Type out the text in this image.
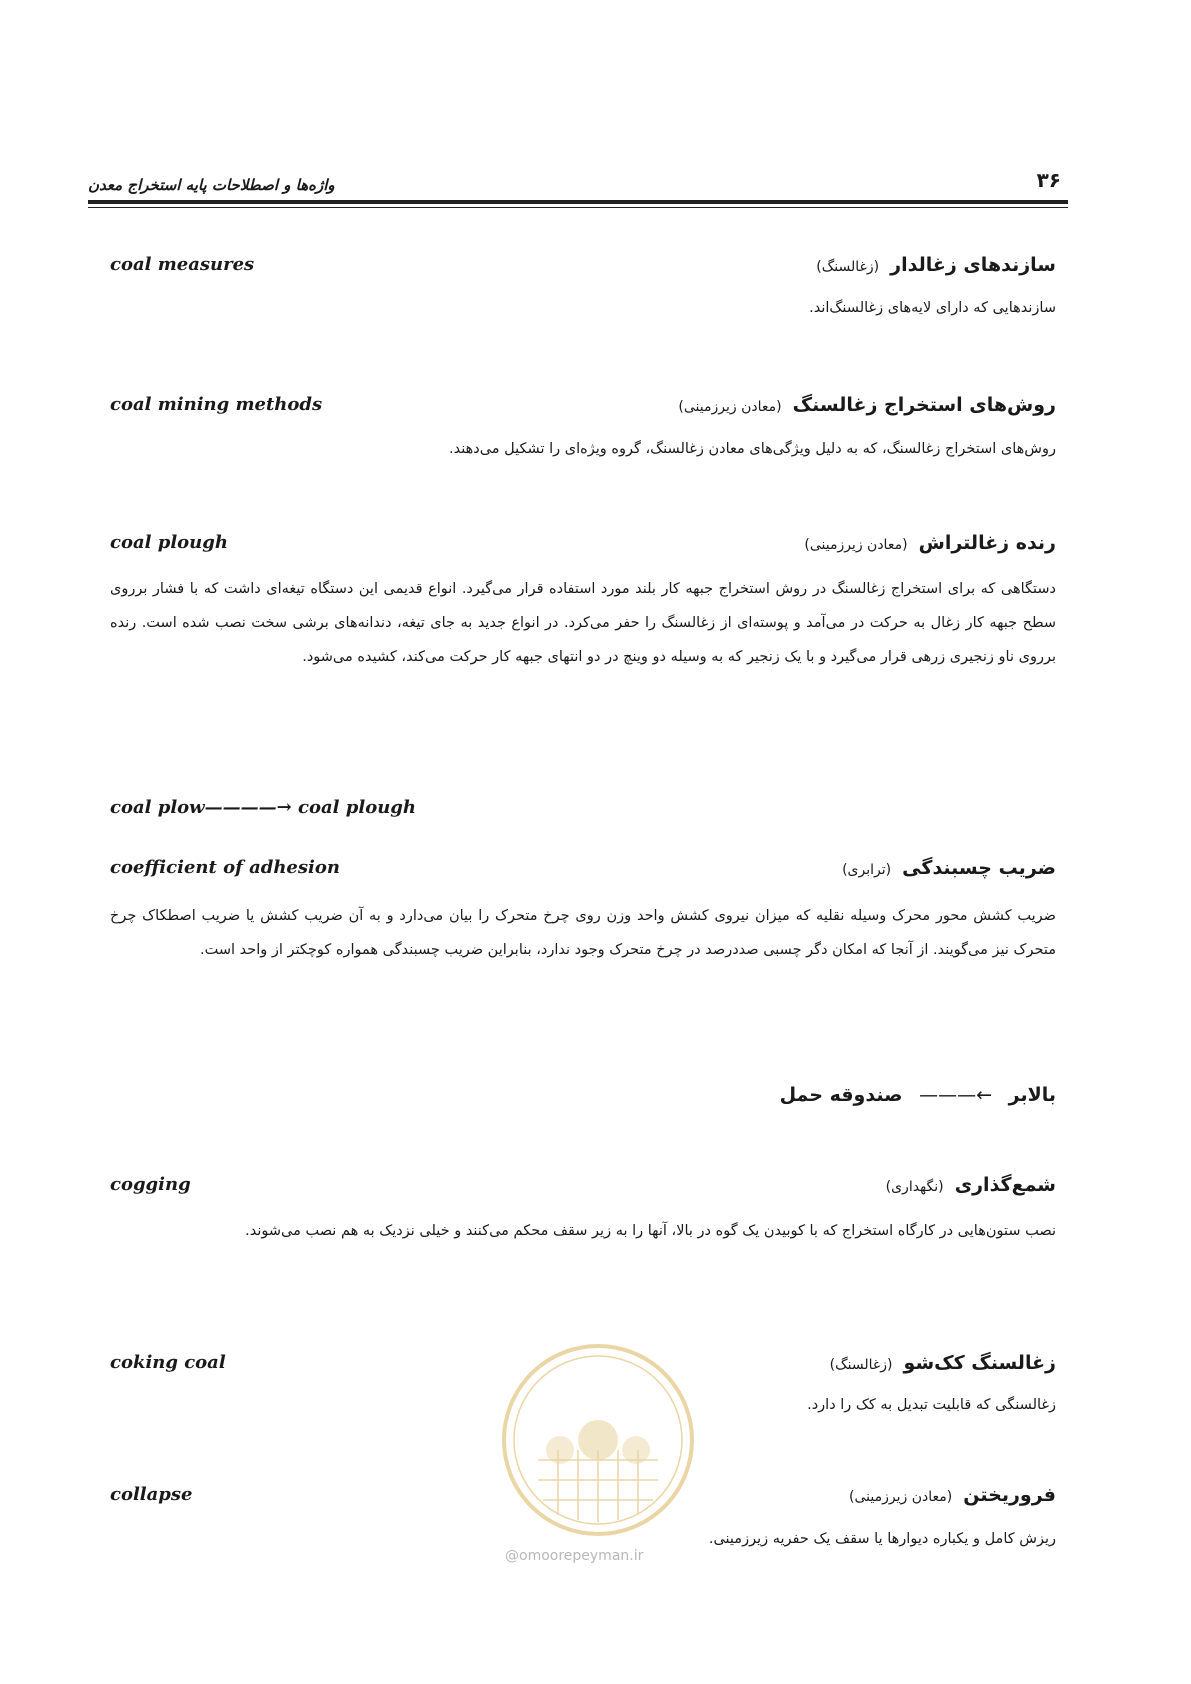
واژه‌ها و اصطلاحات پایه استخراج معدن	۳۶
coal measures	سازندهای زغالدار (زغالسنگ)
سازندهایی که دارای لایه‌های زغالسنگ‌اند.
coal mining methods	روش‌های استخراج زغالسنگ (معادن زیرزمینی)
روش‌های استخراج زغالسنگ، که به دلیل ویژگی‌های معادن زغالسنگ، گروه ویژه‌ای را تشکیل می‌دهند.
coal plough	رنده زغالتراش (معادن زیرزمینی)
دستگاهی که برای استخراج زغالسنگ در روش استخراج جبهه کار بلند مورد استفاده قرار می‌گیرد. انواع قدیمی این دستگاه تیغه‌ای داشت که با فشار برروی سطح جبهه کار زغال به حرکت در می‌آمد و پوسته‌ای از زغالسنگ را حفر می‌کرد. در انواع جدید به جای تیغه، دندانه‌های برشی سخت نصب شده است. رنده برروی ناو زنجیری زرهی قرار می‌گیرد و با یک زنجیر که به وسیله دو وینچ در دو انتهای جبهه کار حرکت می‌کند، کشیده می‌شود.
coal plow————→ coal plough
coefficient of adhesion	ضریب چسبندگی (ترابری)
ضریب کشش محور محرک وسیله نقلیه که میزان نیروی کشش واحد وزن روی چرخ متحرک را بیان می‌دارد و به آن ضریب کشش یا ضریب اصطکاک چرخ متحرک نیز می‌گویند. از آنجا که امکان دگر چسبی صددرصد در چرخ متحرک وجود ندارد، بنابراین ضریب چسبندگی همواره کوچکتر از واحد است.
بالابر ←——— صندوقه حمل
cogging	شمع‌گذاری (نگهداری)
نصب ستون‌هایی در کارگاه استخراج که با کوبیدن یک گوه در بالا، آنها را به زیر سقف محکم می‌کنند و خیلی نزدیک به هم نصب می‌شوند.
@omoorepeyman.ir
coking coal	زغالسنگ کک‌شو (زغالسنگ)
زغالسنگی که قابلیت تبدیل به کک را دارد.
collapse	فروریختن (معادن زیرزمینی)
ریزش کامل و یکباره دیوارها یا سقف یک حفریه زیرزمینی.
